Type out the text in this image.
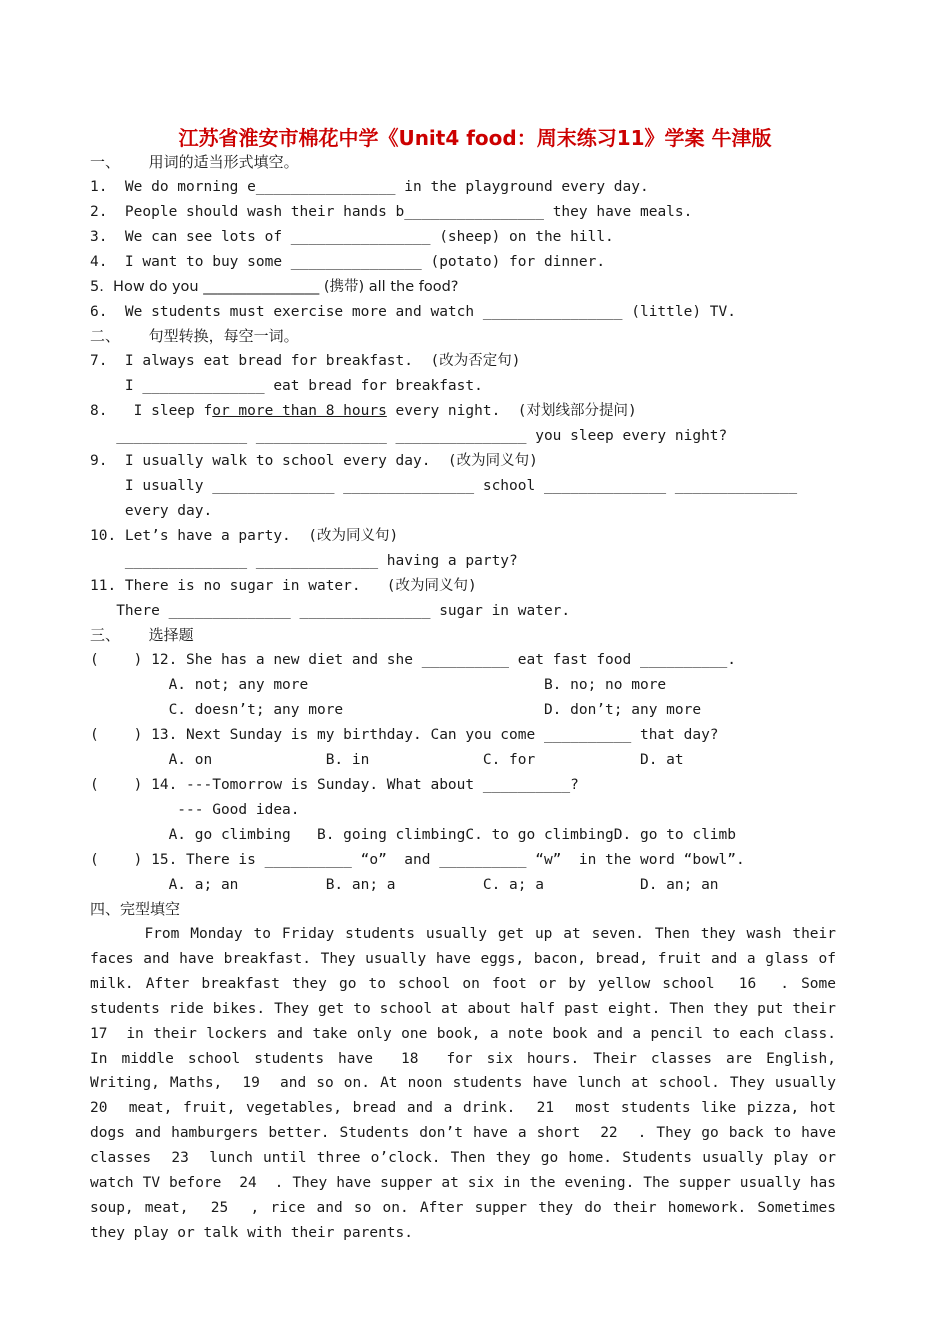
江苏省淮安市棉花中学《Unit4 food：周末练习11》学案 牛津版
一、      用词的适当形式填空。
1.  We do morning e________________ in the playground every day.
2.  People should wash their hands b________________ they have meals.
3.  We can see lots of ________________ (sheep) on the hill.
4.  I want to buy some _______________ (potato) for dinner.
5.  How do you ________________ (携带) all the food?
6.  We students must exercise more and watch ________________ (little) TV.
二、      句型转换，每空一词。
7.  I always eat bread for breakfast.  (改为否定句)
I ______________ eat bread for breakfast.
8.   I sleep for more than 8 hours every night.  (对划线部分提问)
_______________ _______________ _______________ you sleep every night?
9.  I usually walk to school every day.  (改为同义句)
I usually ______________ _______________ school ______________ ______________
every day.
10. Let’s have a party.  (改为同义句)
______________ ______________ having a party?
11. There is no sugar in water.   (改为同义句)
There ______________ _______________ sugar in water.
三、      选择题
(    ) 12. She has a new diet and she __________ eat fast food __________.
A. not; any more                           B. no; no more
C. doesn’t; any more                       D. don’t; any more
(    ) 13. Next Sunday is my birthday. Can you come __________ that day?
A. on             B. in             C. for            D. at
(    ) 14. ---Tomorrow is Sunday. What about __________?
--- Good idea.
A. go climbing   B. going climbingC. to go climbingD. go to climb
(    ) 15. There is __________ “o”  and __________ “w”  in the word “bowl”.
A. a; an          B. an; a          C. a; a           D. an; an
四、完型填空
From Monday to Friday students usually get up at seven. Then they wash their faces and have breakfast. They usually have eggs, bacon, bread, fruit and a glass of milk. After breakfast they go to school on foot or by yellow school  16  . Some students ride bikes. They get to school at about half past eight. Then they put their  17  in their lockers and take only one book, a note book and a pencil to each class. In middle school students have  18  for six hours. Their classes are English, Writing, Maths,  19  and so on. At noon students have lunch at school. They usually  20  meat, fruit, vegetables, bread and a drink.  21  most students like pizza, hot dogs and hamburgers better. Students don’t have a short  22  . They go back to have classes  23  lunch until three o’clock. Then they go home. Students usually play or watch TV before  24  . They have supper at six in the evening. The supper usually has soup, meat,  25  , rice and so on. After supper they do their homework. Sometimes they play or talk with their parents.
